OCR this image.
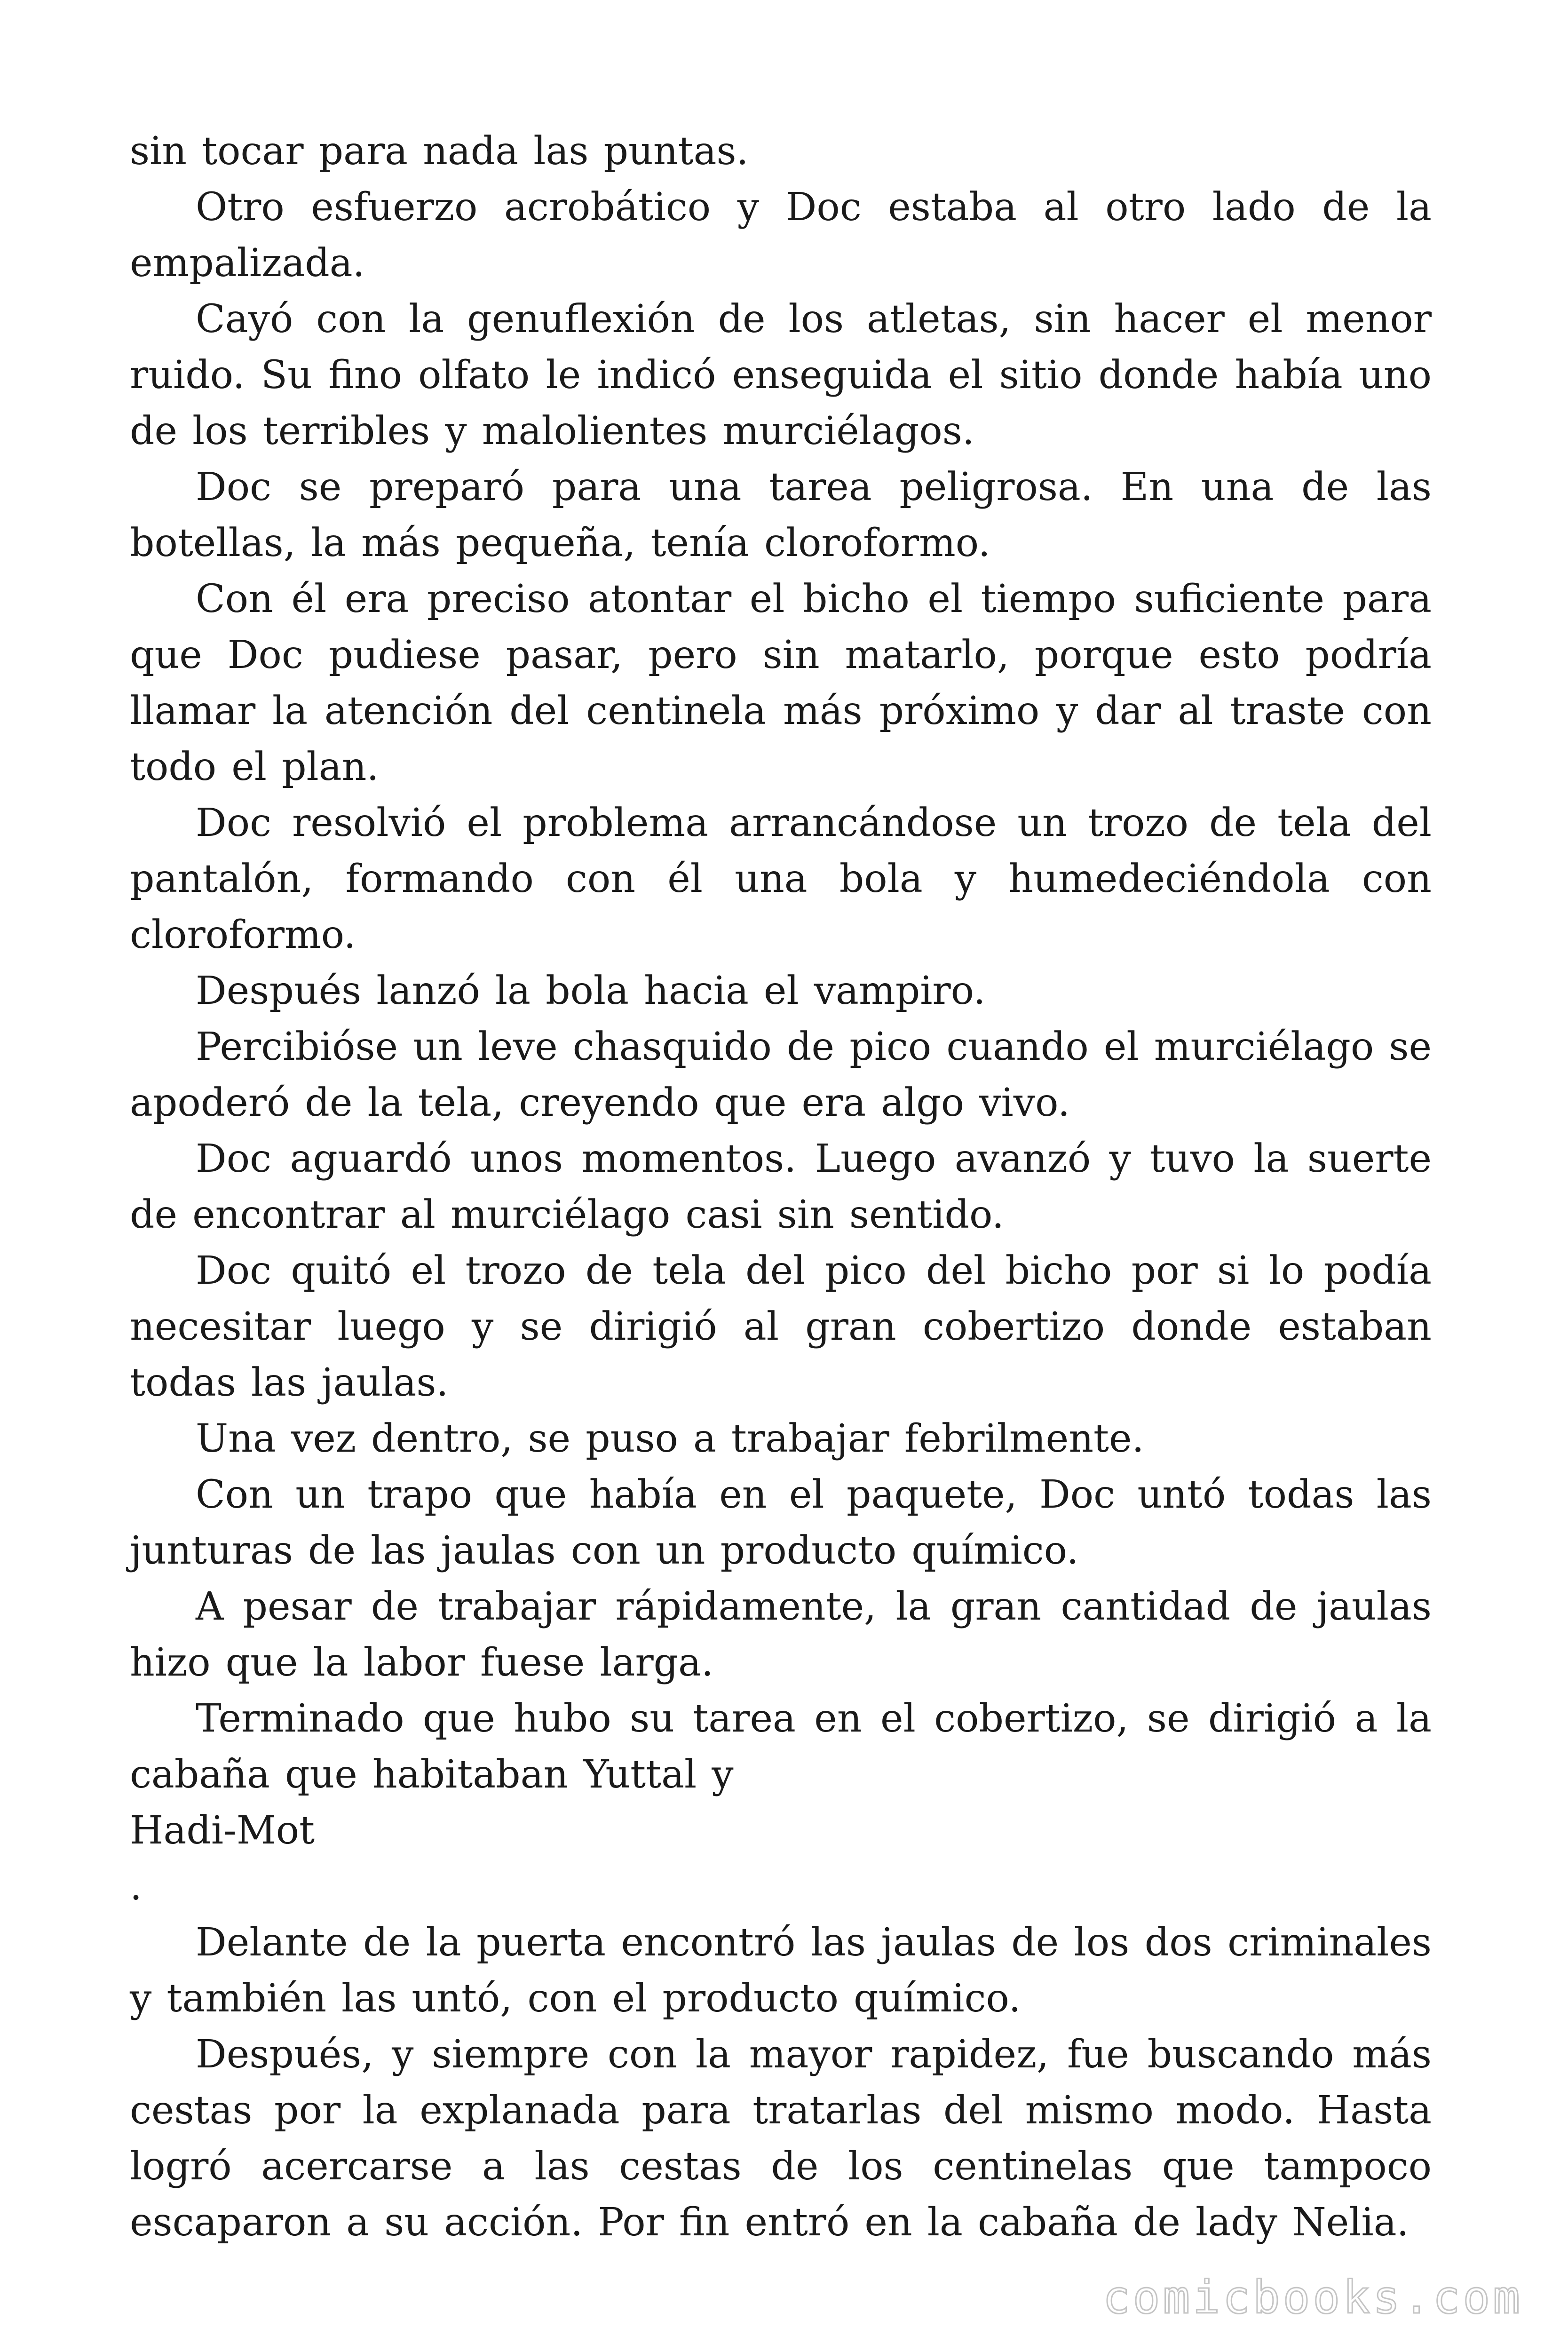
sin tocar para nada las puntas.

Otro esfuerzo acrobático y Doc estaba al otro lado de la empalizada.

Cayó con la genuflexión de los atletas, sin hacer el menor ruido. Su fino olfato le indicó enseguida el sitio donde había uno de los terribles y malolientes murciélagos.

Doc se preparó para una tarea peligrosa. En una de las botellas, la más pequeña, tenía cloroformo.

Con él era preciso atontar el bicho el tiempo suficiente para que Doc pudiese pasar, pero sin matarlo, porque esto podría llamar la atención del centinela más próximo y dar al traste con todo el plan.

Doc resolvió el problema arrancándose un trozo de tela del pantalón, formando con él una bola y humedeciéndola con cloroformo.

Después lanzó la bola hacia el vampiro.

Percibióse un leve chasquido de pico cuando el murciélago se apoderó de la tela, creyendo que era algo vivo.

Doc aguardó unos momentos. Luego avanzó y tuvo la suerte de encontrar al murciélago casi sin sentido.

Doc quitó el trozo de tela del pico del bicho por si lo podía necesitar luego y se dirigió al gran cobertizo donde estaban todas las jaulas.

Una vez dentro, se puso a trabajar febrilmente.

Con un trapo que había en el paquete, Doc untó todas las junturas de las jaulas con un producto químico.

A pesar de trabajar rápidamente, la gran cantidad de jaulas hizo que la labor fuese larga.

Terminado que hubo su tarea en el cobertizo, se dirigió a la cabaña que habitaban Yuttal y

Hadi-Mot

.

Delante de la puerta encontró las jaulas de los dos criminales y también las untó, con el producto químico.

Después, y siempre con la mayor rapidez, fue buscando más cestas por la explanada para tratarlas del mismo modo. Hasta logró acercarse a las cestas de los centinelas que tampoco escaparon a su acción. Por fin entró en la cabaña de lady Nelia.

comicbooks.com
